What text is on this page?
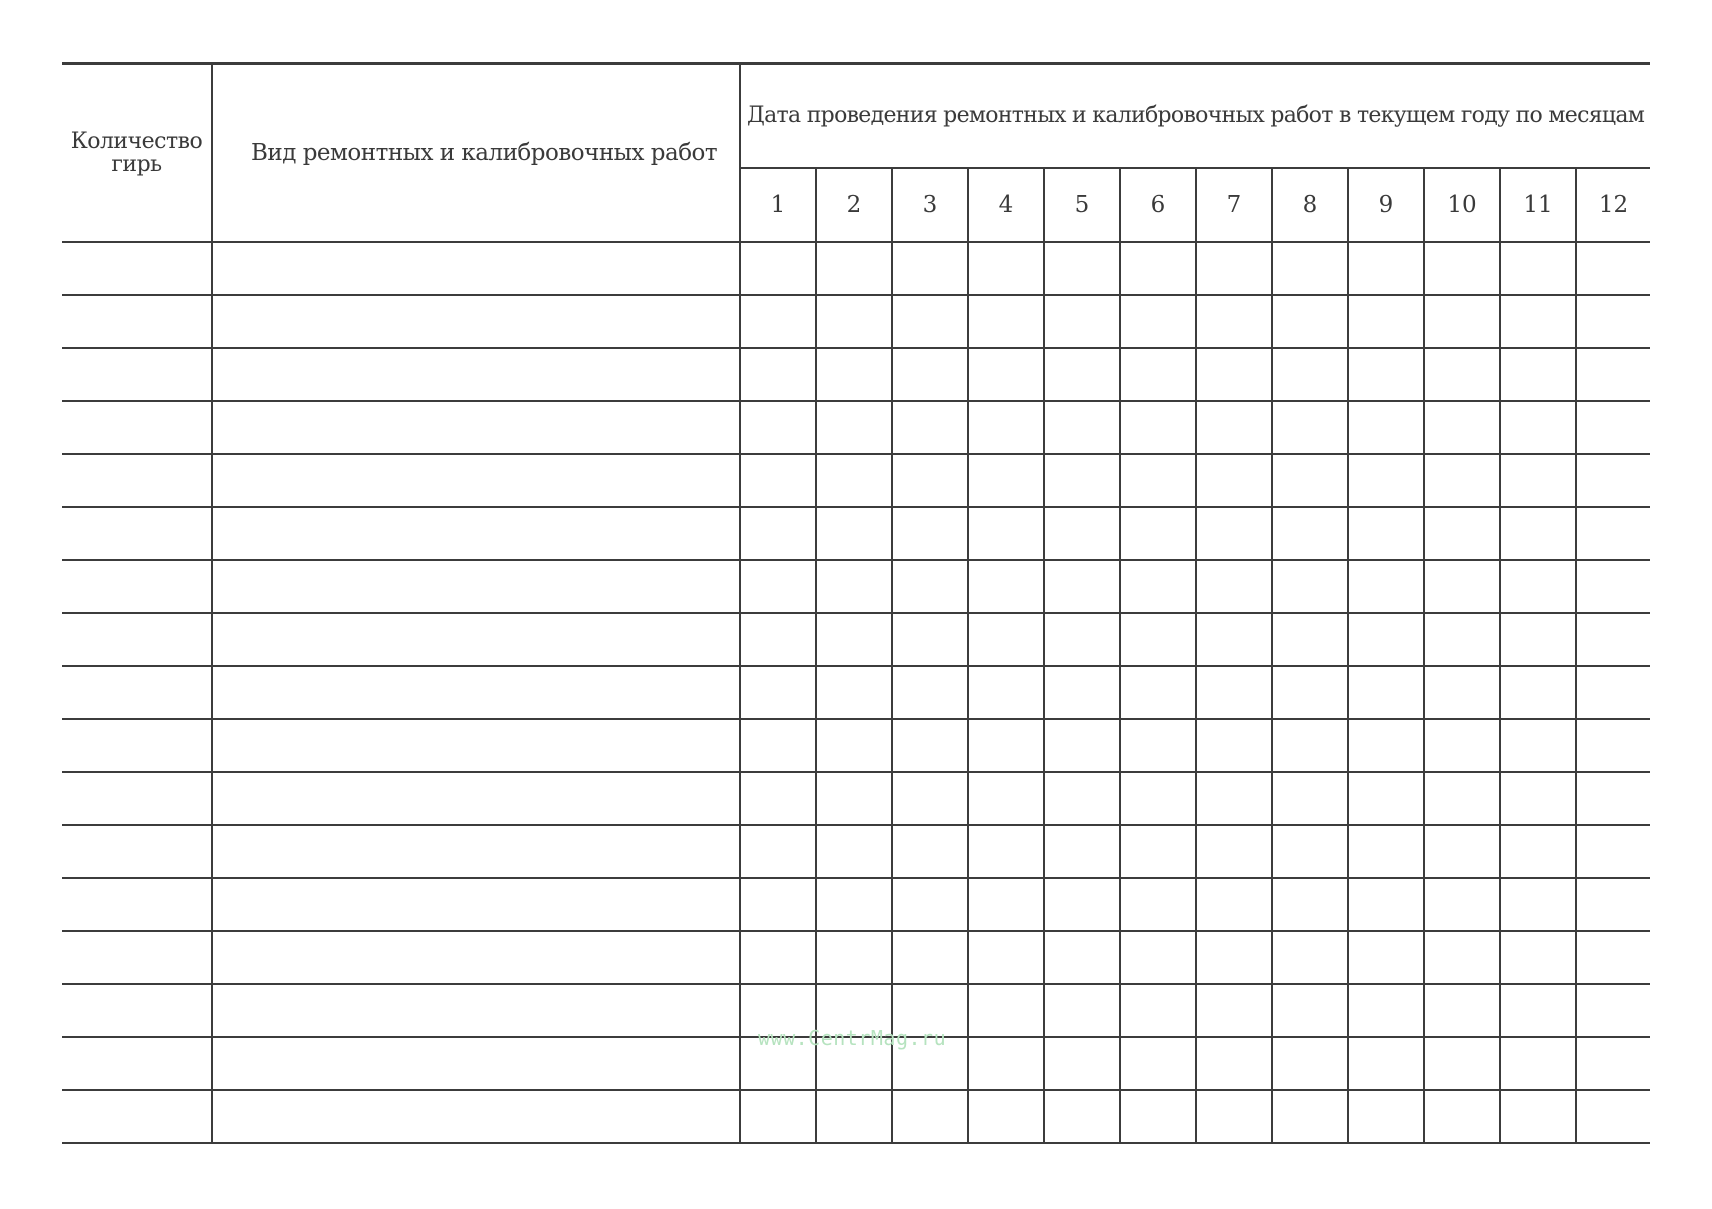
Количество гирь	Вид ремонтных и калибровочных работ	Дата проведения ремонтных и калибровочных работ в текущем году по месяцам											
		1	2	3	4	5	6	7	8	9	10	11	12

www.CentrMag.ru
